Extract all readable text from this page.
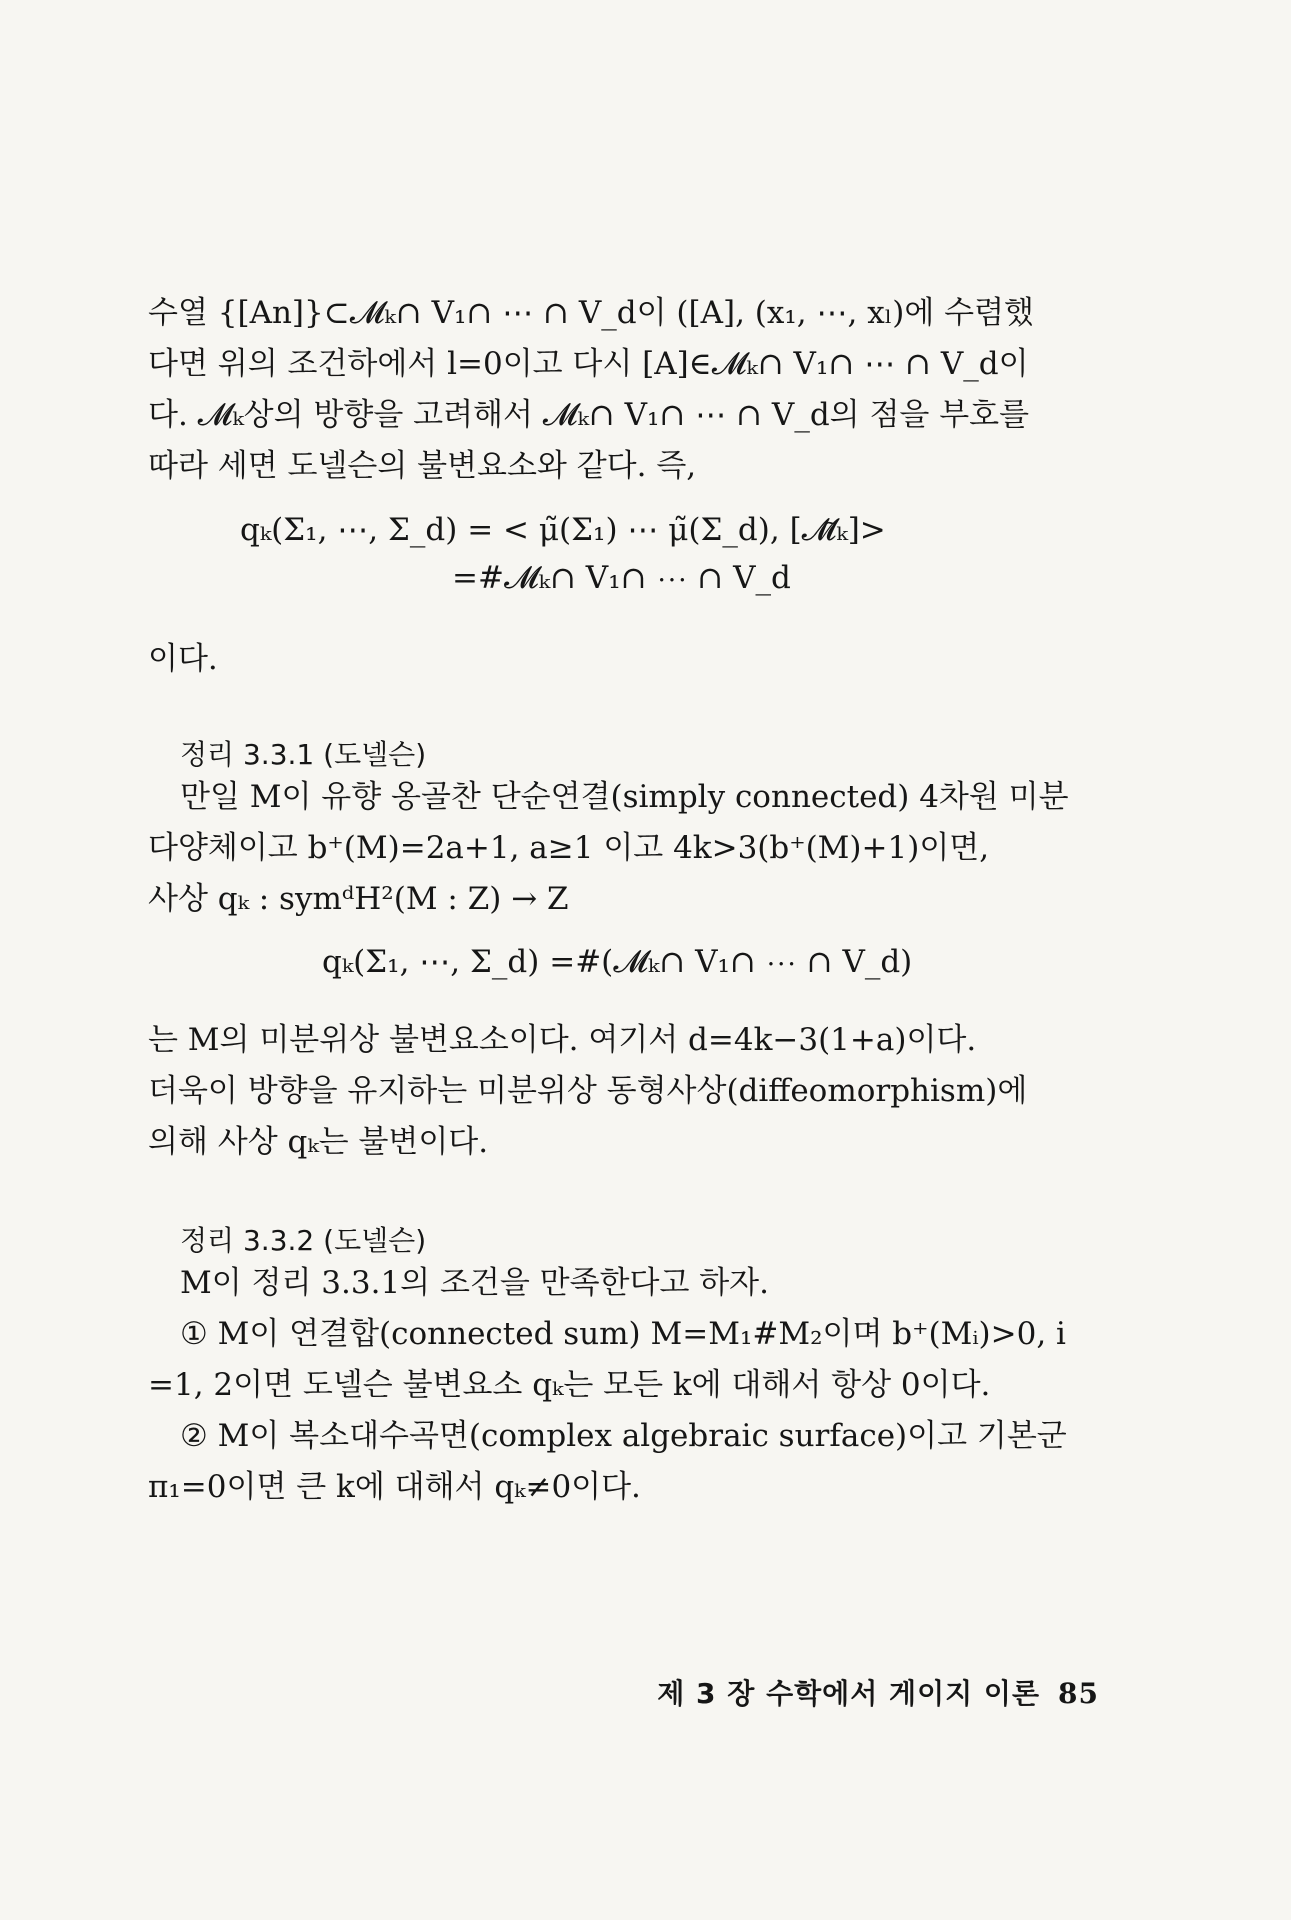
수열 {[An]}⊂𝓜ₖ∩ V₁∩ ⋯ ∩ V_d이 ([A], (x₁, ⋯, xₗ)에 수렴했
다면 위의 조건하에서 l=0이고 다시 [A]∈𝓜ₖ∩ V₁∩ ⋯ ∩ V_d이
다. 𝓜ₖ상의 방향을 고려해서 𝓜ₖ∩ V₁∩ ⋯ ∩ V_d의 점을 부호를
따라 세면 도넬슨의 불변요소와 같다. 즉,
qₖ(Σ₁, ⋯, Σ_d) = < μ̃(Σ₁) ⋯ μ̃(Σ_d), [𝓜̃ₖ]>
=#𝓜ₖ∩ V₁∩ ⋯ ∩ V_d
이다.
정리 3.3.1 (도넬슨)
만일 M이 유향 옹골찬 단순연결(simply connected) 4차원 미분
다양체이고 b⁺(M)=2a+1, a≥1 이고 4k>3(b⁺(M)+1)이면,
사상 qₖ : symᵈH²(M : Z) → Z
qₖ(Σ₁, ⋯, Σ_d) =#(𝓜ₖ∩ V₁∩ ⋯ ∩ V_d)
는 M의 미분위상 불변요소이다. 여기서 d=4k−3(1+a)이다.
더욱이 방향을 유지하는 미분위상 동형사상(diffeomorphism)에
의해 사상 qₖ는 불변이다.
정리 3.3.2 (도넬슨)
M이 정리 3.3.1의 조건을 만족한다고 하자.
① M이 연결합(connected sum) M=M₁#M₂이며 b⁺(Mᵢ)>0, i
=1, 2이면 도넬슨 불변요소 qₖ는 모든 k에 대해서 항상 0이다.
② M이 복소대수곡면(complex algebraic surface)이고 기본군
π₁=0이면 큰 k에 대해서 qₖ≠0이다.
제 3 장 수학에서 게이지 이론 85
